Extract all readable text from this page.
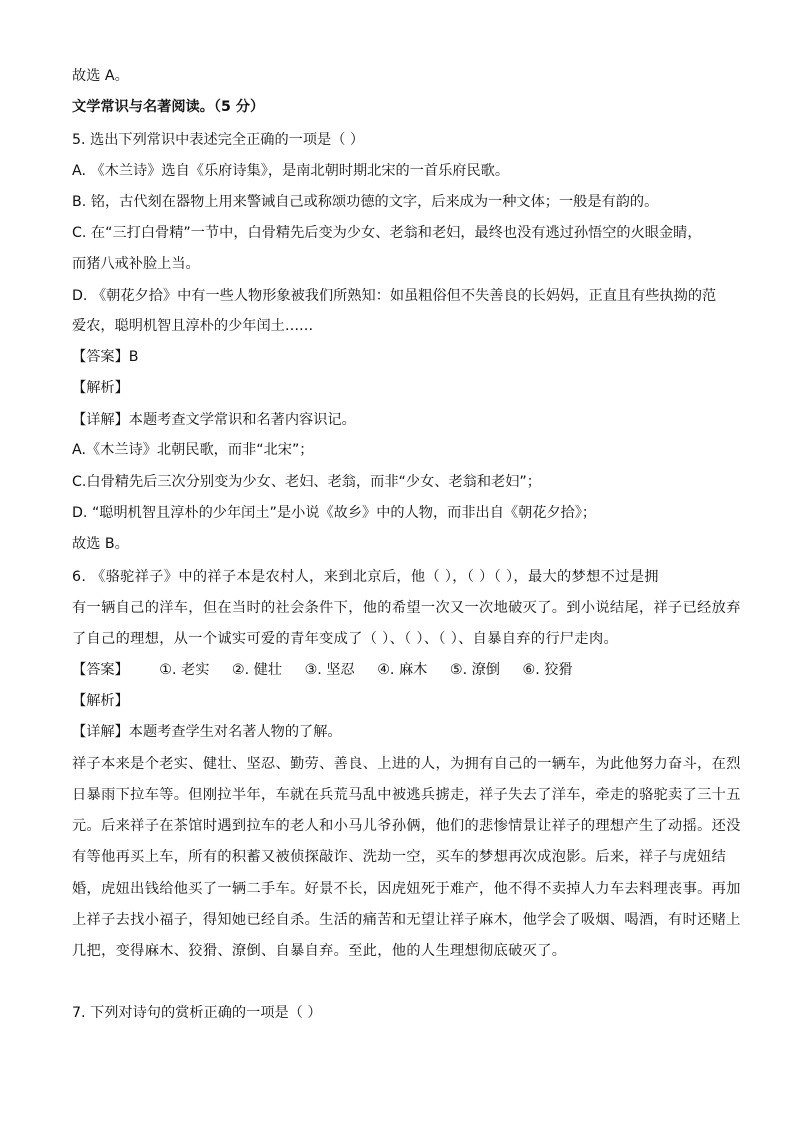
故选 A。
文学常识与名著阅读。（5 分）
5. 选出下列常识中表述完全正确的一项是（ ）
A. 《木兰诗》选自《乐府诗集》，是南北朝时期北宋的一首乐府民歌。
B. 铭，古代刻在器物上用来警诫自己或称颂功德的文字，后来成为一种文体；一般是有韵的。
C. 在“三打白骨精”一节中，白骨精先后变为少女、老翁和老妇，最终也没有逃过孙悟空的火眼金睛，
而猪八戒补脸上当。
D. 《朝花夕拾》中有一些人物形象被我们所熟知：如虽粗俗但不失善良的长妈妈，正直且有些执拗的范
爱农，聪明机智且淳朴的少年闰土……
【答案】B
【解析】
【详解】本题考查文学常识和名著内容识记。
A.《木兰诗》北朝民歌，而非“北宋”；
C.白骨精先后三次分别变为少女、老妇、老翁，而非“少女、老翁和老妇”；
D. “聪明机智且淳朴的少年闰土”是小说《故乡》中的人物，而非出自《朝花夕拾》；
故选 B。
6. 《骆驼祥子》中的祥子本是农村人，来到北京后，他（ ），（ ）（ ），最大的梦想不过是拥
有一辆自己的洋车，但在当时的社会条件下，他的希望一次又一次地破灭了。到小说结尾，祥子已经放弃
了自己的理想，从一个诚实可爱的青年变成了（ ）、（ ）、（ ）、自暴自弃的行尸走肉。
【答案】 ①. 老实 ②. 健壮 ③. 坚忍 ④. 麻木 ⑤. 潦倒 ⑥. 狡猾
【解析】
【详解】本题考查学生对名著人物的了解。
祥子本来是个老实、健壮、坚忍、勤劳、善良、上进的人，为拥有自己的一辆车，为此他努力奋斗，在烈
日暴雨下拉车等。但刚拉半年，车就在兵荒马乱中被逃兵掳走，祥子失去了洋车，牵走的骆驼卖了三十五
元。后来祥子在茶馆时遇到拉车的老人和小马儿爷孙俩，他们的悲惨情景让祥子的理想产生了动摇。还没
有等他再买上车，所有的积蓄又被侦探敲诈、洗劫一空，买车的梦想再次成泡影。后来，祥子与虎妞结
婚，虎妞出钱给他买了一辆二手车。好景不长，因虎妞死于难产，他不得不卖掉人力车去料理丧事。再加
上祥子去找小福子，得知她已经自杀。生活的痛苦和无望让祥子麻木，他学会了吸烟、喝酒，有时还赌上
几把，变得麻木、狡猾、潦倒、自暴自弃。至此，他的人生理想彻底破灭了。
7. 下列对诗句的赏析正确的一项是（ ）
